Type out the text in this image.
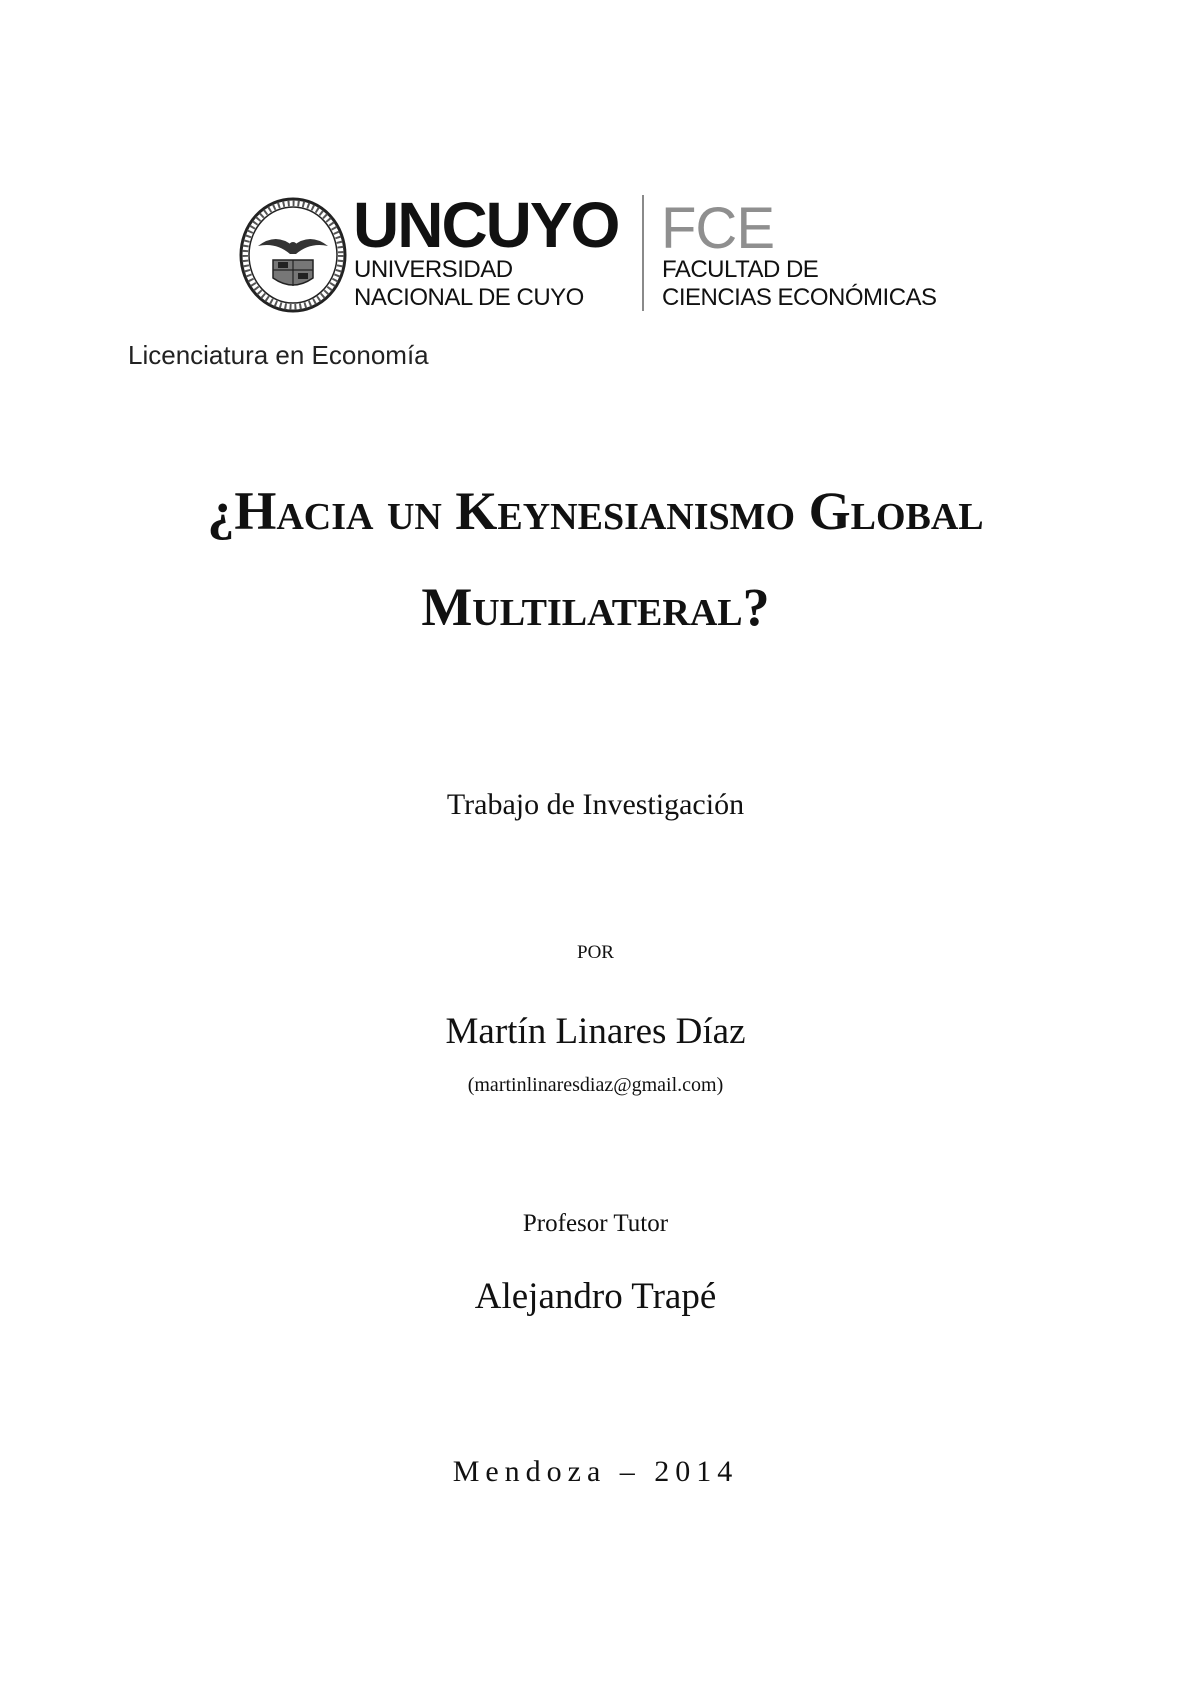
UNCUYO
UNIVERSIDAD
NACIONAL DE CUYO
FCE
FACULTAD DE
CIENCIAS ECONÓMICAS
Licenciatura en Economía
¿Hacia un Keynesianismo Global
Multilateral?
Trabajo de Investigación
POR
Martín Linares Díaz
(martinlinaresdiaz@gmail.com)
Profesor Tutor
Alejandro Trapé
Mendoza – 2014
